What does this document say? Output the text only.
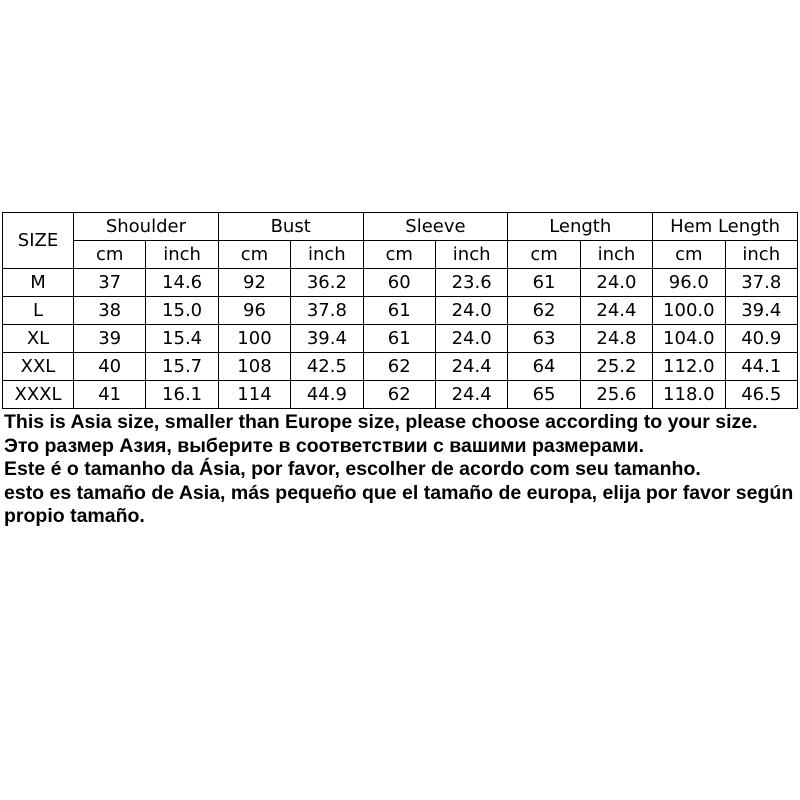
SIZE	Shoulder		Bust		Sleeve		Length		Hem Length	
	cm	inch	cm	inch	cm	inch	cm	inch	cm	inch
M	37	14.6	92	36.2	60	23.6	61	24.0	96.0	37.8
L	38	15.0	96	37.8	61	24.0	62	24.4	100.0	39.4
XL	39	15.4	100	39.4	61	24.0	63	24.8	104.0	40.9
XXL	40	15.7	108	42.5	62	24.4	64	25.2	112.0	44.1
XXXL	41	16.1	114	44.9	62	24.4	65	25.6	118.0	46.5

This is Asia size, smaller than Europe size, please choose according to your size.

Это размер Азия, выберите в соответствии с вашими размерами.

Este é o tamanho da Ásia, por favor, escolher de acordo com seu tamanho.

esto es tamaño de Asia, más pequeño que el tamaño de europa, elija por favor según propio tamaño.
